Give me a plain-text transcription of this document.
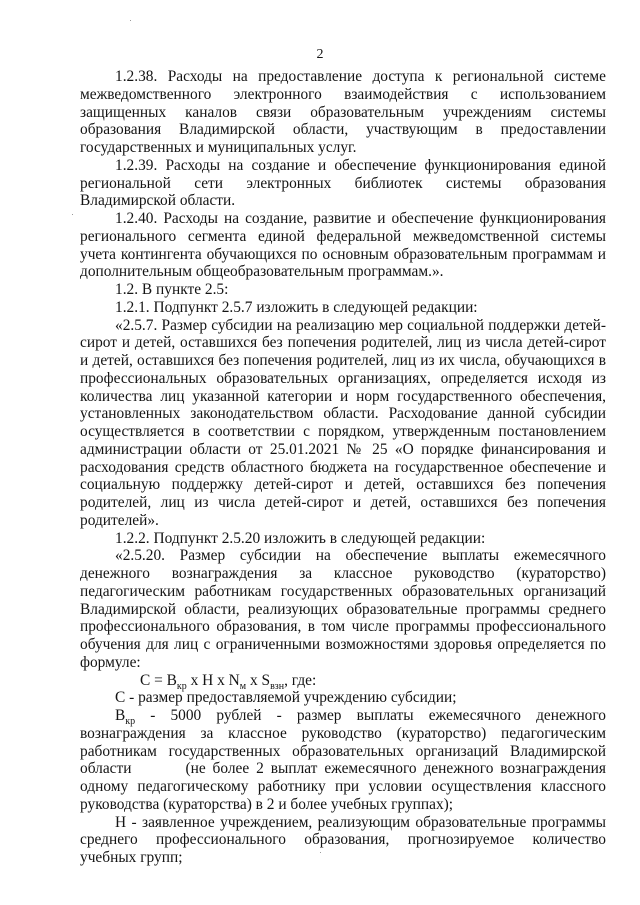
2

1.2.38. Расходы на предоставление доступа к региональной системе межведомственного электронного взаимодействия с использованием защищенных каналов связи образовательным учреждениям системы образования Владимирской области, участвующим в предоставлении государственных и муниципальных услуг.

1.2.39. Расходы на создание и обеспечение функционирования единой региональной сети электронных библиотек системы образования Владимирской области.

1.2.40. Расходы на создание, развитие и обеспечение функционирования регионального сегмента единой федеральной межведомственной системы учета контингента обучающихся по основным образовательным программам и дополнительным общеобразовательным программам.».

1.2. В пункте 2.5:

1.2.1. Подпункт 2.5.7 изложить в следующей редакции:

«2.5.7. Размер субсидии на реализацию мер социальной поддержки детей-сирот и детей, оставшихся без попечения родителей, лиц из числа детей-сирот и детей, оставшихся без попечения родителей, лиц из их числа, обучающихся в профессиональных образовательных организациях, определяется исходя из количества лиц указанной категории и норм государственного обеспечения, установленных законодательством области. Расходование данной субсидии осуществляется в соответствии с порядком, утвержденным постановлением администрации области от 25.01.2021 № 25 «О порядке финансирования и расходования средств областного бюджета на государственное обеспечение и социальную поддержку детей-сирот и детей, оставшихся без попечения родителей, лиц из числа детей-сирот и детей, оставшихся без попечения родителей».

1.2.2. Подпункт 2.5.20 изложить в следующей редакции:

«2.5.20. Размер субсидии на обеспечение выплаты ежемесячного денежного вознаграждения за классное руководство (кураторство) педагогическим работникам государственных образовательных организаций Владимирской области, реализующих образовательные программы среднего профессионального образования, в том числе программы профессионального обучения для лиц с ограниченными возможностями здоровья определяется по формуле:

$С = В_{кр}$ х Н х $N_м$ х $S_{взн}$, где:

С - размер предоставляемой учреждению субсидии;

$В_{кр} - 5000$ рублей - размер выплаты ежемесячного денежного вознаграждения за классное руководство (кураторство) педагогическим работникам государственных образовательных организаций Владимирской области	(не более 2 выплат ежемесячного денежного вознаграждения одному педагогическому работнику при условии осуществления классного руководства (кураторства) в 2 и более учебных группах);

Н - заявленное учреждением, реализующим образовательные программы среднего профессионального образования, прогнозируемое количество учебных групп;
